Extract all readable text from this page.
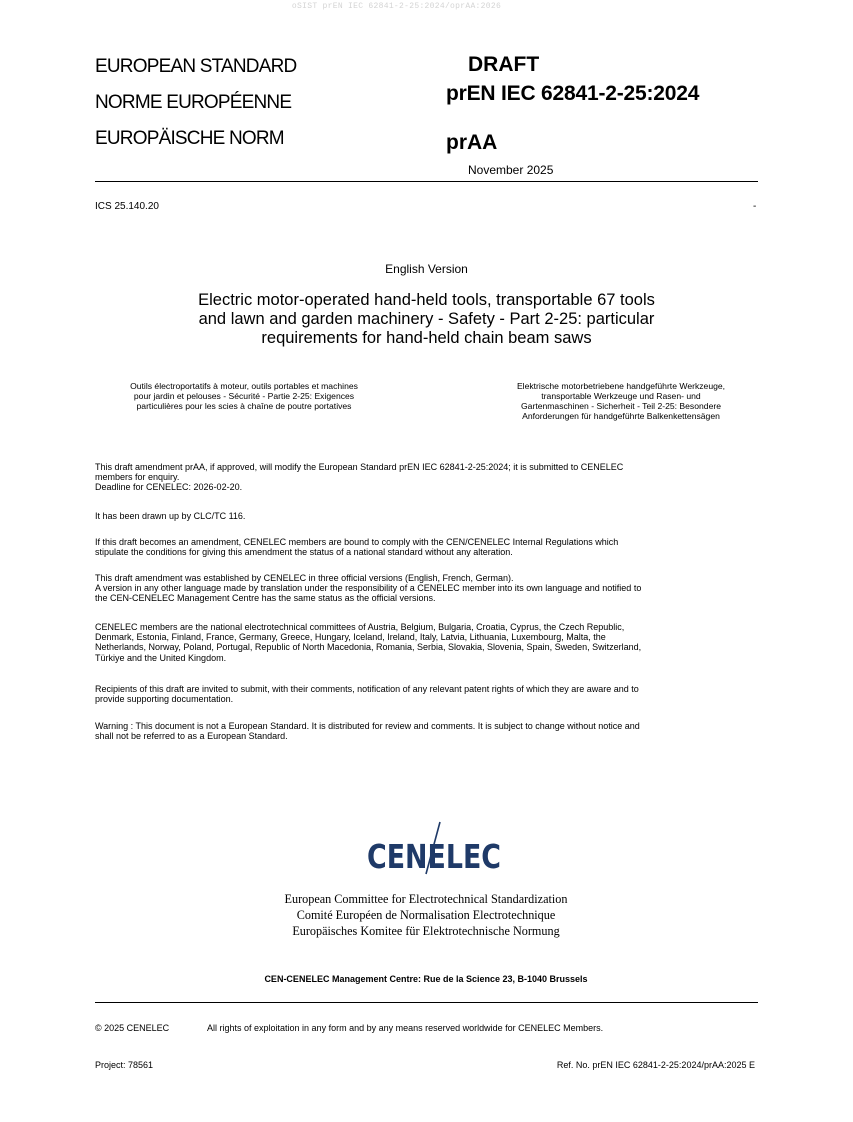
oSIST prEN IEC 62841-2-25:2024/oprAA:2026
EUROPEAN STANDARD
NORME EUROPÉENNE
EUROPÄISCHE NORM
DRAFT
prEN IEC 62841-2-25:2024
prAA
November 2025
ICS 25.140.20	-
English Version
Electric motor-operated hand-held tools, transportable 67 tools
and lawn and garden machinery - Safety - Part 2-25: particular
requirements for hand-held chain beam saws
Outils électroportatifs à moteur, outils portables et machines
pour jardin et pelouses - Sécurité - Partie 2-25: Exigences
particulières pour les scies à chaîne de poutre portatives
Elektrische motorbetriebene handgeführte Werkzeuge,
transportable Werkzeuge und Rasen- und
Gartenmaschinen - Sicherheit - Teil 2-25: Besondere
Anforderungen für handgeführte Balkenkettensägen
This draft amendment prAA, if approved, will modify the European Standard prEN IEC 62841-2-25:2024; it is submitted to CENELEC
members for enquiry.
Deadline for CENELEC: 2026-02-20.
It has been drawn up by CLC/TC 116.
If this draft becomes an amendment, CENELEC members are bound to comply with the CEN/CENELEC Internal Regulations which
stipulate the conditions for giving this amendment the status of a national standard without any alteration.
This draft amendment was established by CENELEC in three official versions (English, French, German).
A version in any other language made by translation under the responsibility of a CENELEC member into its own language and notified to
the CEN-CENELEC Management Centre has the same status as the official versions.
CENELEC members are the national electrotechnical committees of Austria, Belgium, Bulgaria, Croatia, Cyprus, the Czech Republic,
Denmark, Estonia, Finland, France, Germany, Greece, Hungary, Iceland, Ireland, Italy, Latvia, Lithuania, Luxembourg, Malta, the
Netherlands, Norway, Poland, Portugal, Republic of North Macedonia, Romania, Serbia, Slovakia, Slovenia, Spain, Sweden, Switzerland,
Türkiye and the United Kingdom.
Recipients of this draft are invited to submit, with their comments, notification of any relevant patent rights of which they are aware and to
provide supporting documentation.
Warning : This document is not a European Standard. It is distributed for review and comments. It is subject to change without notice and
shall not be referred to as a European Standard.
CENELEC
European Committee for Electrotechnical Standardization
Comité Européen de Normalisation Electrotechnique
Europäisches Komitee für Elektrotechnische Normung
CEN-CENELEC Management Centre: Rue de la Science 23, B-1040 Brussels
© 2025 CENELEC	All rights of exploitation in any form and by any means reserved worldwide for CENELEC Members.
Project: 78561	Ref. No. prEN IEC 62841-2-25:2024/prAA:2025 E
